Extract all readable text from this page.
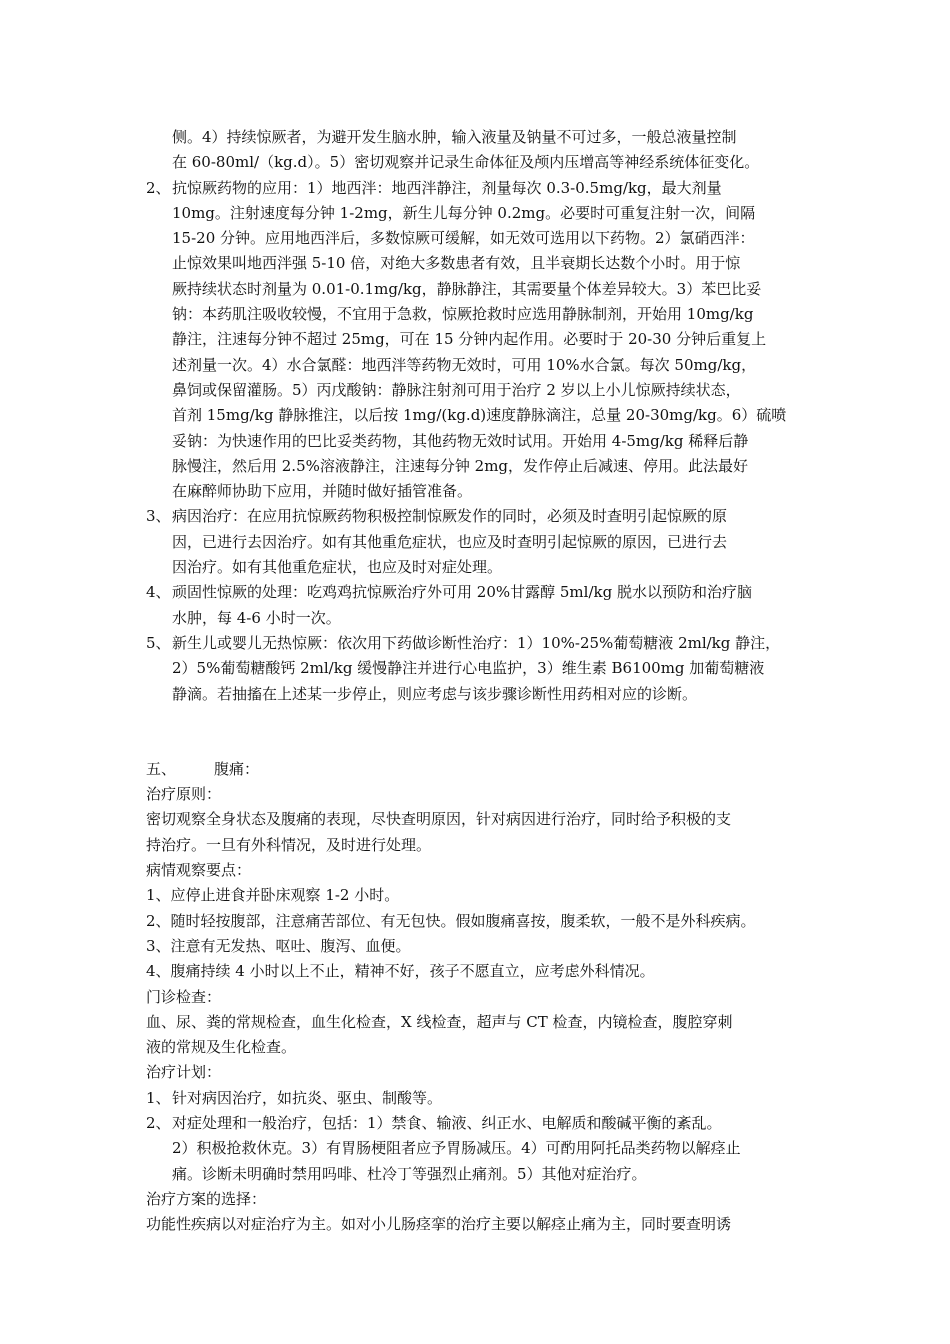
侧。4）持续惊厥者，为避开发生脑水肿，输入液量及钠量不可过多，一般总液量控制
在 60-80ml/（kg.d）。5）密切观察并记录生命体征及颅内压增高等神经系统体征变化。
2、 抗惊厥药物的应用：1）地西泮：地西泮静注，剂量每次 0.3-0.5mg/kg，最大剂量
10mg。注射速度每分钟 1-2mg，新生儿每分钟 0.2mg。必要时可重复注射一次，间隔
15-20 分钟。应用地西泮后，多数惊厥可缓解，如无效可选用以下药物。2）氯硝西泮：
止惊效果叫地西泮强 5-10 倍，对绝大多数患者有效，且半衰期长达数个小时。用于惊
厥持续状态时剂量为 0.01-0.1mg/kg，静脉静注，其需要量个体差异较大。3）苯巴比妥
钠：本药肌注吸收较慢，不宜用于急救，惊厥抢救时应选用静脉制剂，开始用 10mg/kg
静注，注速每分钟不超过 25mg，可在 15 分钟内起作用。必要时于 20-30 分钟后重复上
述剂量一次。4）水合氯醛：地西泮等药物无效时，可用 10%水合氯。每次 50mg/kg，
鼻饲或保留灌肠。5）丙戊酸钠：静脉注射剂可用于治疗 2 岁以上小儿惊厥持续状态，
首剂 15mg/kg 静脉推注，以后按 1mg/(kg.d)速度静脉滴注，总量 20-30mg/kg。6）硫喷
妥钠：为快速作用的巴比妥类药物，其他药物无效时试用。开始用 4-5mg/kg 稀释后静
脉慢注，然后用 2.5%溶液静注，注速每分钟 2mg，发作停止后减速、停用。此法最好
在麻醉师协助下应用，并随时做好插管准备。
3、 病因治疗：在应用抗惊厥药物积极控制惊厥发作的同时，必须及时查明引起惊厥的原
因，已进行去因治疗。如有其他重危症状，也应及时查明引起惊厥的原因，已进行去
因治疗。如有其他重危症状，也应及时对症处理。
4、 顽固性惊厥的处理：吃鸡鸡抗惊厥治疗外可用 20%甘露醇 5ml/kg 脱水以预防和治疗脑
水肿，每 4-6 小时一次。
5、 新生儿或婴儿无热惊厥：依次用下药做诊断性治疗：1）10%-25%葡萄糖液 2ml/kg 静注，
2）5%葡萄糖酸钙 2ml/kg 缓慢静注并进行心电监护，3）维生素 B6100mg 加葡萄糖液
静滴。若抽搐在上述某一步停止，则应考虑与该步骤诊断性用药相对应的诊断。
五、	腹痛：
治疗原则：
密切观察全身状态及腹痛的表现，尽快查明原因，针对病因进行治疗，同时给予积极的支
持治疗。一旦有外科情况，及时进行处理。
病情观察要点：
1、应停止进食并卧床观察 1-2 小时。
2、随时轻按腹部，注意痛苦部位、有无包快。假如腹痛喜按，腹柔软，一般不是外科疾病。
3、注意有无发热、呕吐、腹泻、血便。
4、腹痛持续 4 小时以上不止，精神不好，孩子不愿直立，应考虑外科情况。
门诊检查：
血、尿、粪的常规检查，血生化检查，X 线检查，超声与 CT 检查，内镜检查，腹腔穿刺
液的常规及生化检查。
治疗计划：
1、 针对病因治疗，如抗炎、驱虫、制酸等。
2、 对症处理和一般治疗，包括：1）禁食、输液、纠正水、电解质和酸碱平衡的紊乱。
2）积极抢救休克。3）有胃肠梗阻者应予胃肠减压。4）可酌用阿托品类药物以解痉止
痛。诊断未明确时禁用吗啡、杜冷丁等强烈止痛剂。5）其他对症治疗。
治疗方案的选择：
功能性疾病以对症治疗为主。如对小儿肠痉挛的治疗主要以解痉止痛为主，同时要查明诱
